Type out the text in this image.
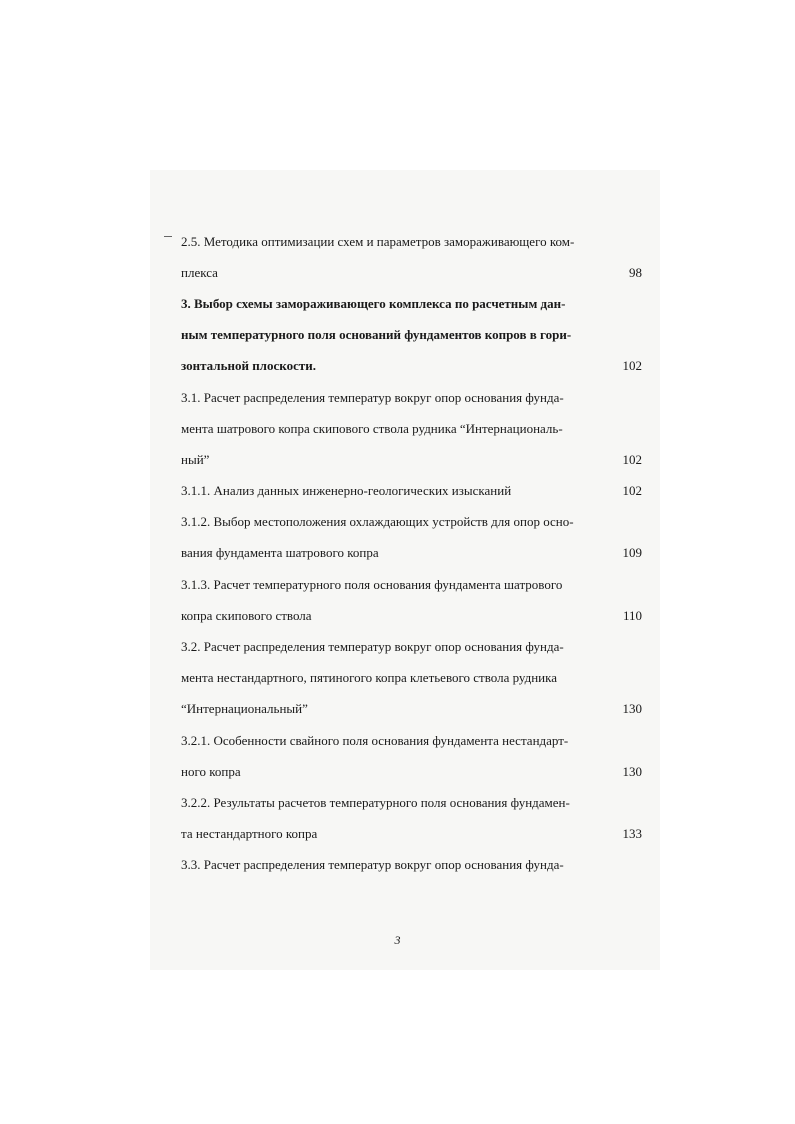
2.5. Методика оптимизации схем и параметров замораживающего ком-
плекса	98
3. Выбор схемы замораживающего комплекса по расчетным дан-
ным температурного поля оснований фундаментов копров в гори-
зонтальной плоскости.	102
3.1. Расчет распределения температур вокруг опор основания фунда-
мента шатрового копра скипового ствола рудника “Интернациональ-
ный”	102
3.1.1. Анализ данных инженерно-геологических изысканий	102
3.1.2. Выбор местоположения охлаждающих устройств для опор осно-
вания фундамента шатрового копра	109
3.1.3. Расчет температурного поля основания фундамента шатрового
копра скипового ствола	110
3.2. Расчет распределения температур вокруг опор основания фунда-
мента нестандартного, пятиногого копра клетьевого ствола рудника
“Интернациональный”	130
3.2.1. Особенности свайного поля основания фундамента нестандарт-
ного копра	130
3.2.2. Результаты расчетов температурного поля основания фундамен-
та нестандартного копра	133
3.3. Расчет распределения температур вокруг опор основания фунда-
3
